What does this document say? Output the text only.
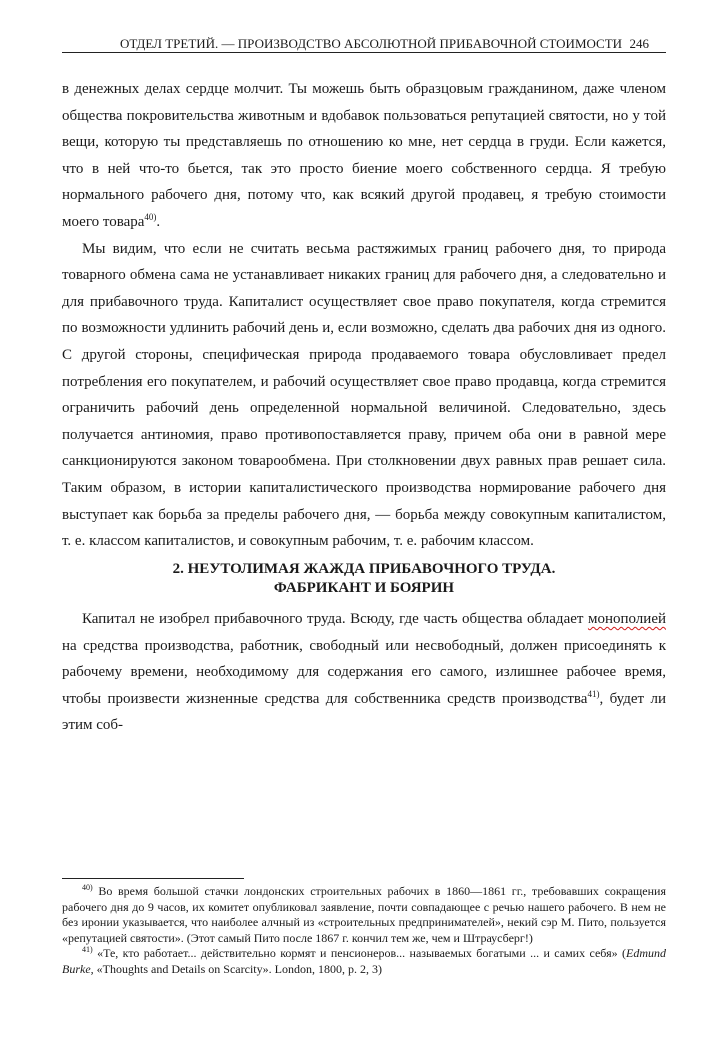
ОТДЕЛ ТРЕТИЙ. — ПРОИЗВОДСТВО АБСОЛЮТНОЙ ПРИБАВОЧНОЙ СТОИМОСТИ 246

в денежных делах сердце молчит. Ты можешь быть образцовым гражданином, даже членом общества покровительства животным и вдобавок пользоваться репутацией святости, но у той вещи, которую ты представляешь по отношению ко мне, нет сердца в груди. Если кажется, что в ней что-то бьется, так это просто биение моего собственного сердца. Я требую нормального рабочего дня, потому что, как всякий другой продавец, я требую стоимости моего товара$^{40)}$.

Мы видим, что если не считать весьма растяжимых границ рабочего дня, то природа товарного обмена сама не устанавливает никаких границ для рабочего дня, а следовательно и для прибавочного труда. Капиталист осуществляет свое право покупателя, когда стремится по возможности удлинить рабочий день и, если возможно, сделать два рабочих дня из одного. С другой стороны, специфическая природа продаваемого товара обусловливает предел потребления его покупателем, и рабочий осуществляет свое право продавца, когда стремится ограничить рабочий день определенной нормальной величиной. Следовательно, здесь получается антиномия, право противопоставляется праву, причем оба они в равной мере санкционируются законом товарообмена. При столкновении двух равных прав решает сила. Таким образом, в истории капиталистического производства нормирование рабочего дня выступает как борьба за пределы рабочего дня, — борьба между совокупным капиталистом, т. е. классом капиталистов, и совокупным рабочим, т. е. рабочим классом.

2. НЕУТОЛИМАЯ ЖАЖДА ПРИБАВОЧНОГО ТРУДА.
ФАБРИКАНТ И БОЯРИН

Капитал не изобрел прибавочного труда. Всюду, где часть общества обладает монополией на средства производства, работник, свободный или несвободный, должен присоединять к рабочему времени, необходимому для содержания его самого, излишнее рабочее время, чтобы произвести жизненные средства для собственника средств производства$^{41)}$, будет ли этим соб-

$^{40)}$ Во время большой стачки лондонских строительных рабочих в 1860—1861 гг., требовавших сокращения рабочего дня до 9 часов, их комитет опубликовал заявление, почти совпадающее с речью нашего рабочего. В нем не без иронии указывается, что наиболее алчный из «строительных предпринимателей», некий сэр М. Пито, пользуется «репутацией святости». (Этот самый Пито после 1867 г. кончил тем же, чем и Штраусберг!)

$^{41)}$ «Те, кто работает... действительно кормят и пенсионеров... называемых богатыми ... и самих себя» (Edmund Burke, «Thoughts and Details on Scarcity». London, 1800, p. 2, 3)
